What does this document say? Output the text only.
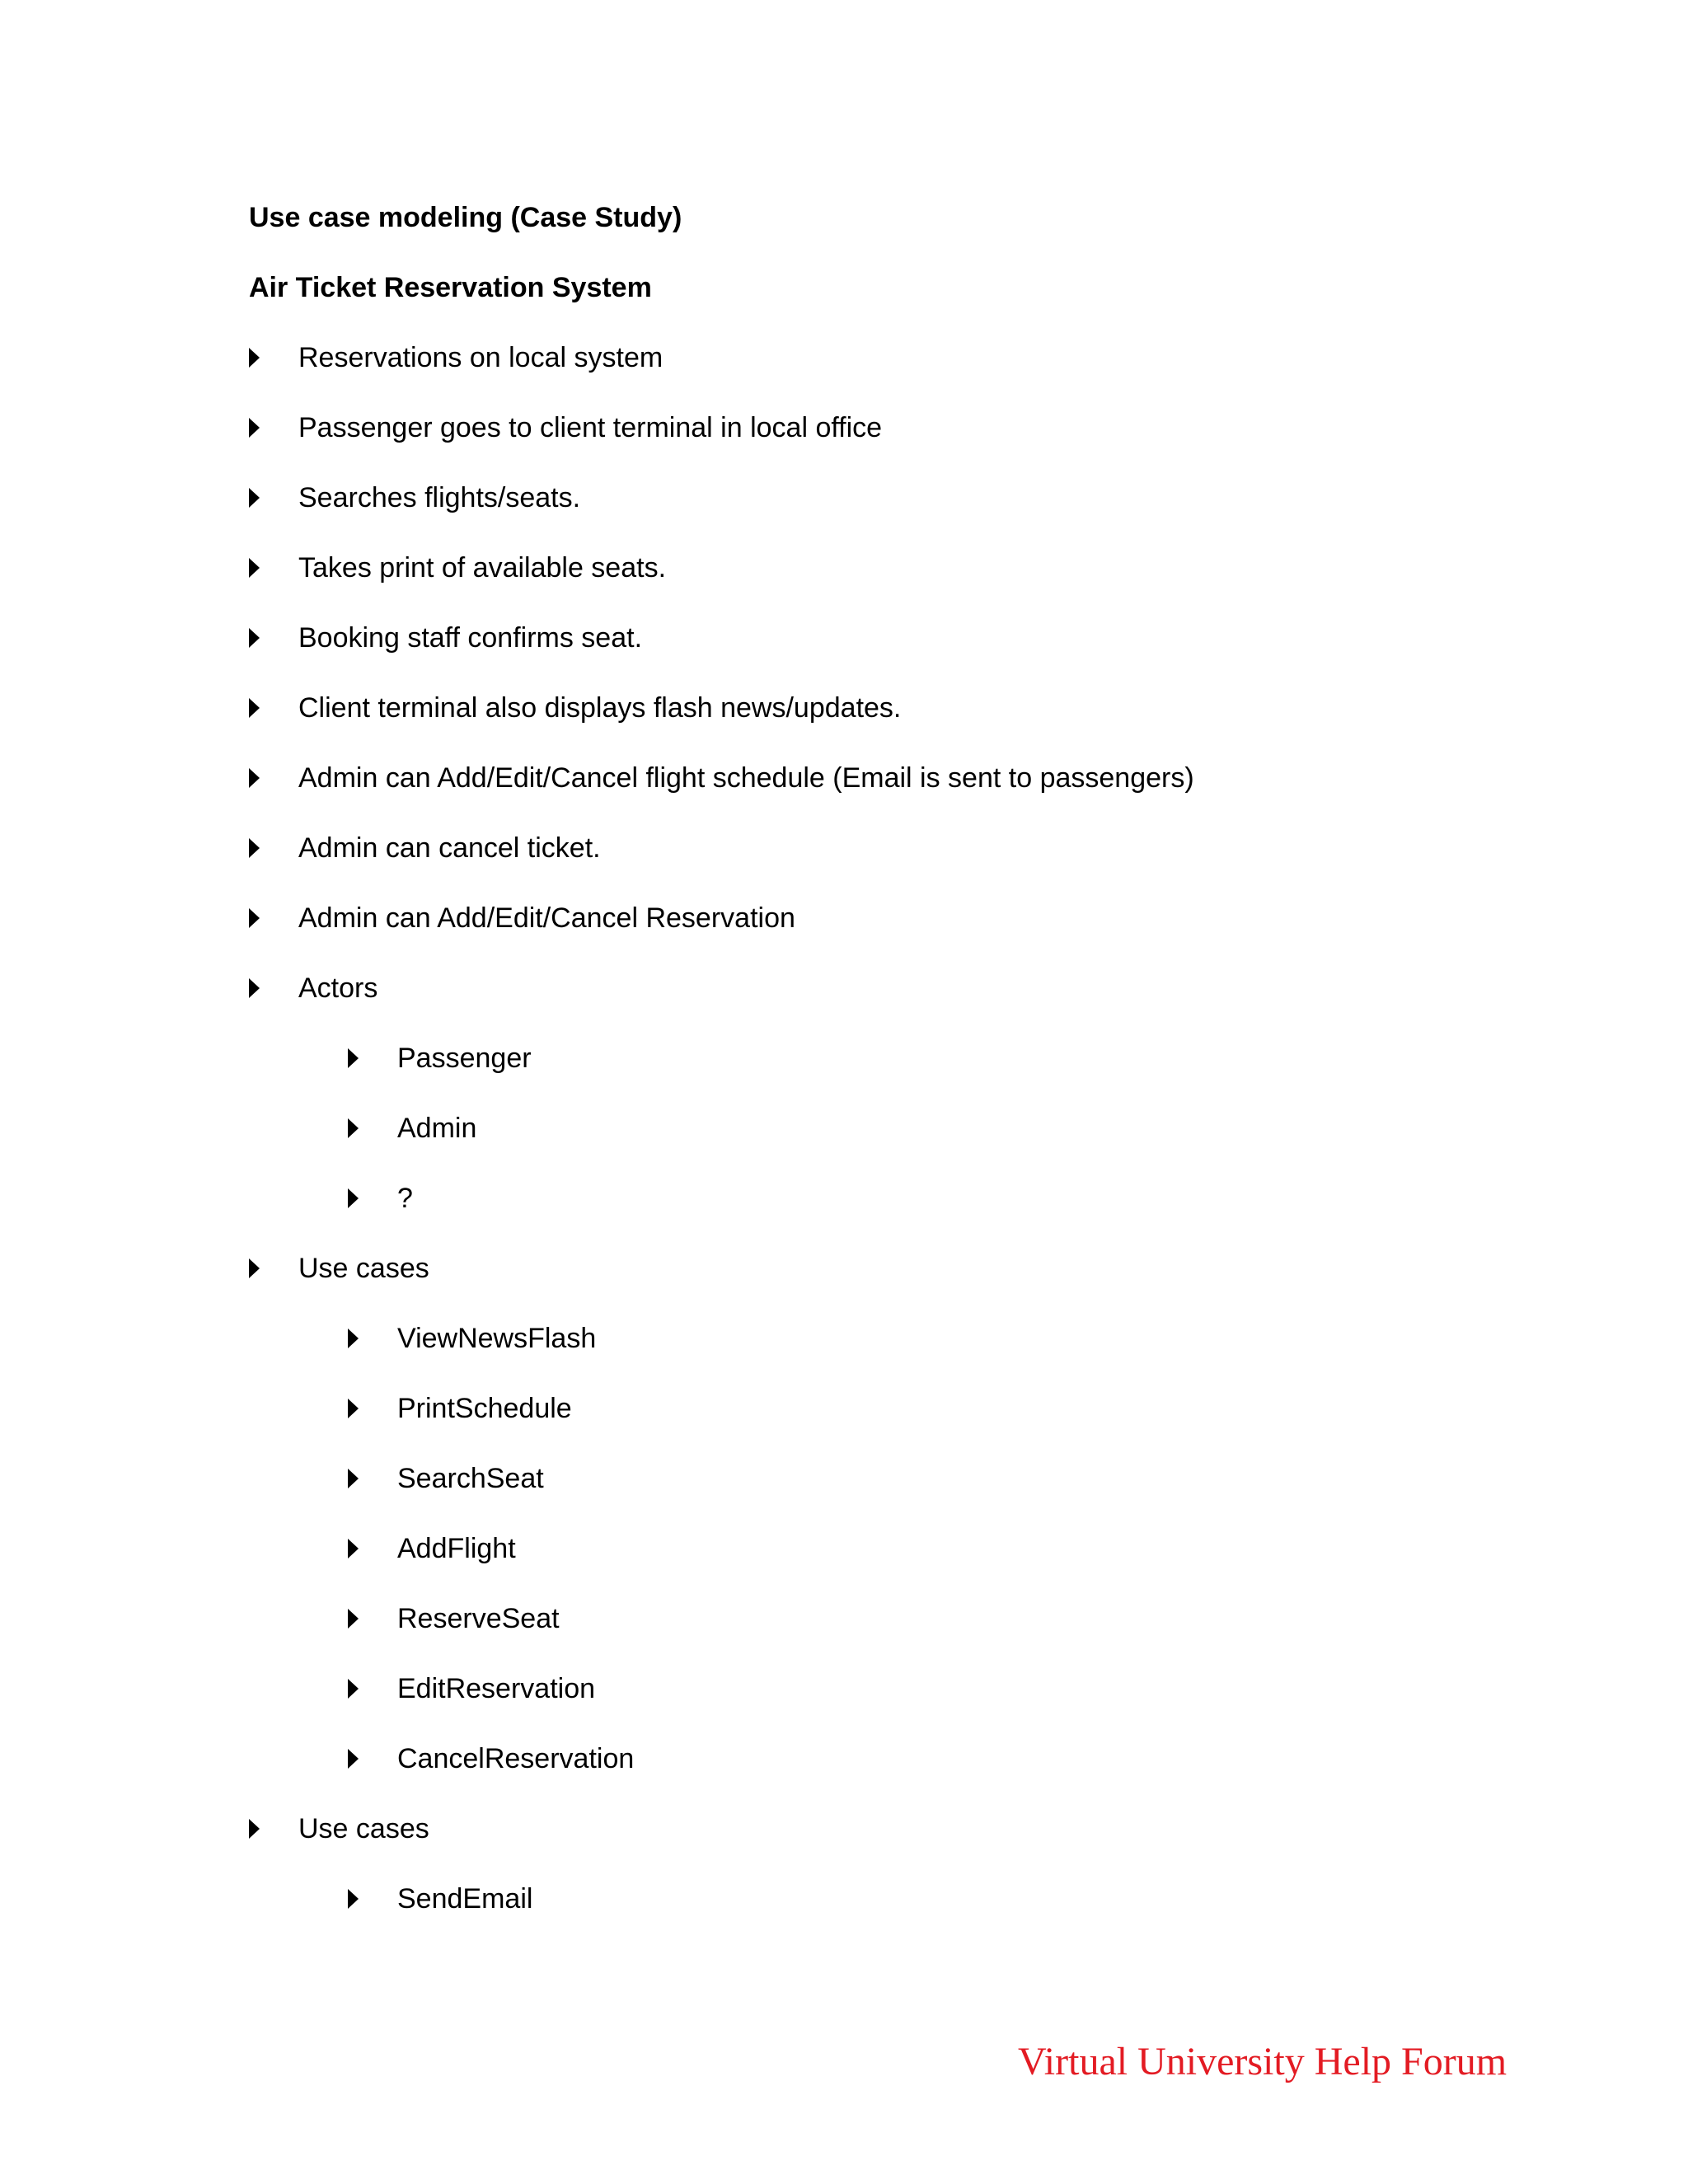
Use case modeling (Case Study)
Air Ticket Reservation System
Reservations on local system
Passenger goes to client terminal in local office
Searches flights/seats.
Takes print of available seats.
Booking staff confirms seat.
Client terminal also displays flash news/updates.
Admin can Add/Edit/Cancel flight schedule (Email is sent to passengers)
Admin can cancel ticket.
Admin can Add/Edit/Cancel Reservation
Actors
Passenger
Admin
?
Use cases
ViewNewsFlash
PrintSchedule
SearchSeat
AddFlight
ReserveSeat
EditReservation
CancelReservation
Use cases
SendEmail
Virtual University Help Forum
